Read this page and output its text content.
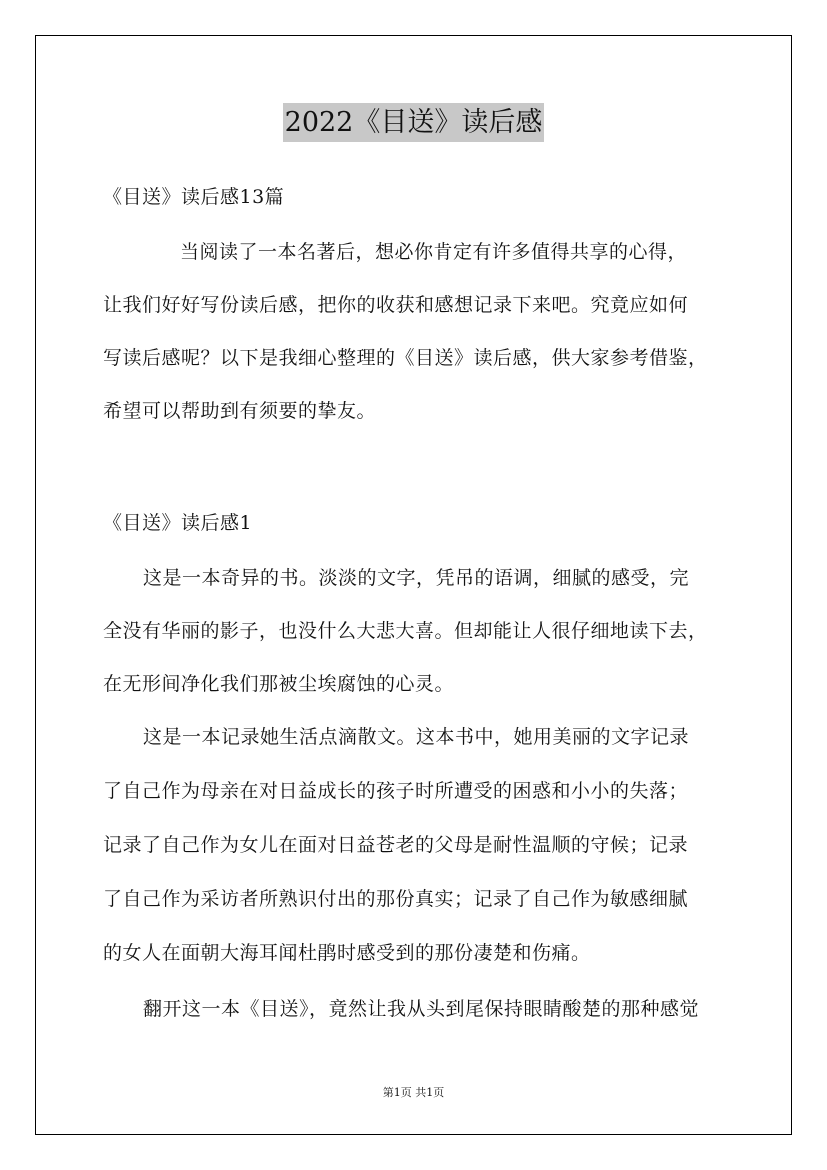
2022《目送》读后感
《目送》读后感13篇
当阅读了一本名著后，想必你肯定有许多值得共享的心得，
让我们好好写份读后感，把你的收获和感想记录下来吧。究竟应如何
写读后感呢？以下是我细心整理的《目送》读后感，供大家参考借鉴，
希望可以帮助到有须要的挚友。
《目送》读后感1
这是一本奇异的书。淡淡的文字，凭吊的语调，细腻的感受，完
全没有华丽的影子，也没什么大悲大喜。但却能让人很仔细地读下去，
在无形间净化我们那被尘埃腐蚀的心灵。
这是一本记录她生活点滴散文。这本书中，她用美丽的文字记录
了自己作为母亲在对日益成长的孩子时所遭受的困惑和小小的失落；
记录了自己作为女儿在面对日益苍老的父母是耐性温顺的守候；记录
了自己作为采访者所熟识付出的那份真实；记录了自己作为敏感细腻
的女人在面朝大海耳闻杜鹃时感受到的那份凄楚和伤痛。
翻开这一本《目送》，竟然让我从头到尾保持眼睛酸楚的那种感觉
第1页 共1页
